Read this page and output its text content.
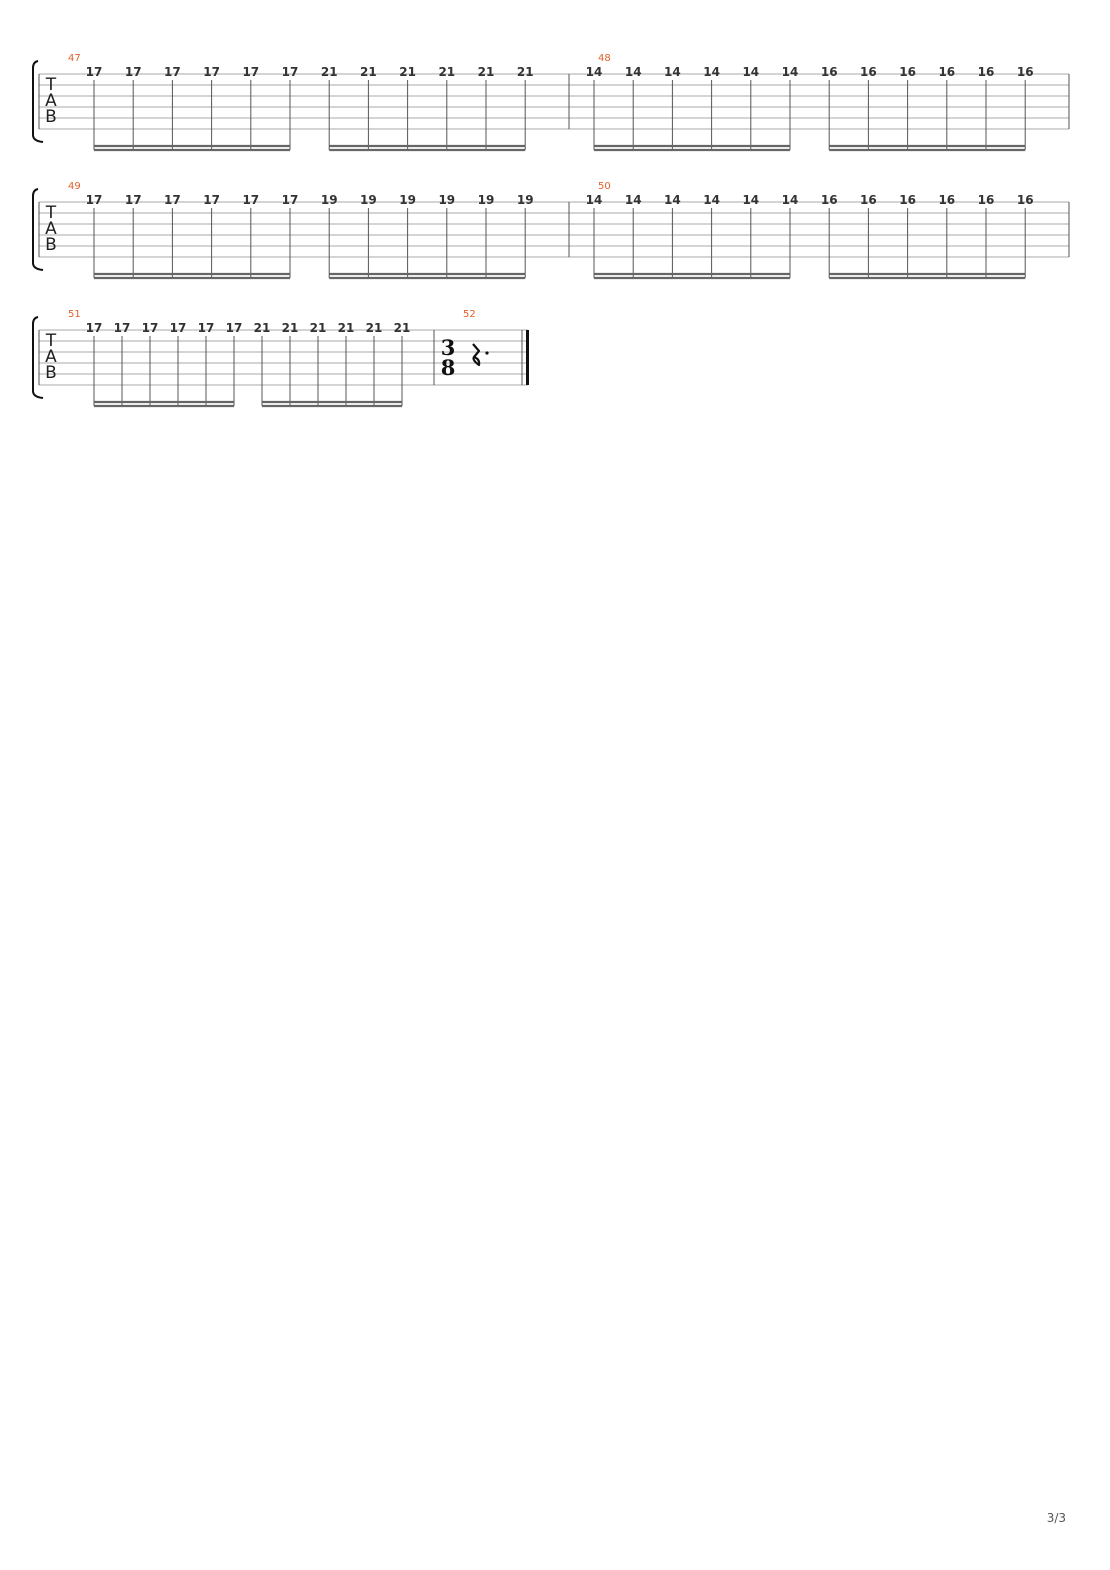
T
A
B
47
17 17 17 17 17 17 21 21 21 21 21 21
48
14 14 14 14 14 14 16 16 16 16 16 16
T
A
B
49
17 17 17 17 17 17 19 19 19 19 19 19
50
14 14 14 14 14 14 16 16 16 16 16 16
T
A
B
51
17 17 17 17 17 17 21 21 21 21 21 21
52
3
8
3/3
